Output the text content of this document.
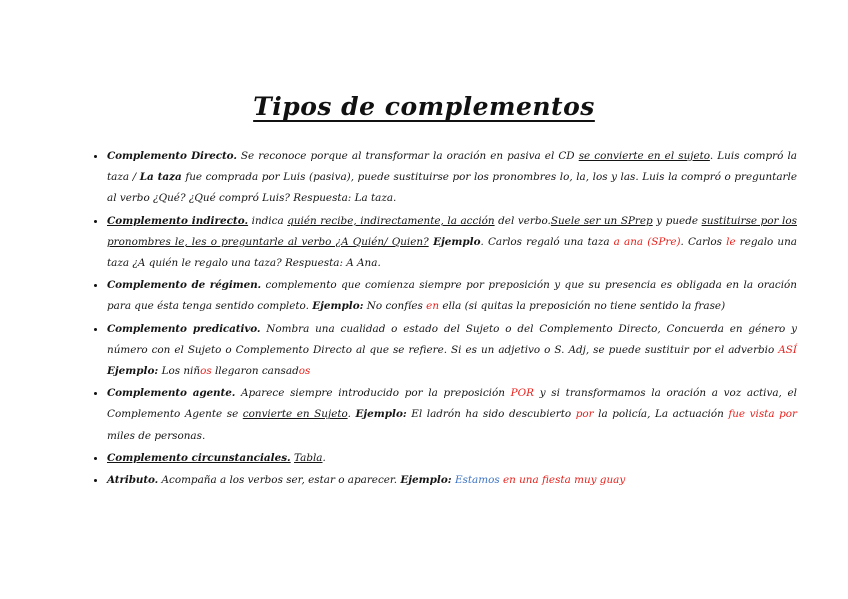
Tipos de complementos
• Complemento Directo. Se reconoce porque al transformar la oración en pasiva el CD se convierte en el sujeto. Luis compró la taza / La taza fue comprada por Luis (pasiva), puede sustituirse por los pronombres lo, la, los y las. Luis la compró o preguntarle al verbo ¿Qué? ¿Qué compró Luis? Respuesta: La taza.
• Complemento indirecto. indica quién recibe, indirectamente, la acción del verbo.Suele ser un SPrep y puede sustituirse por los pronombres le, les o preguntarle al verbo ¿A Quién/ Quien? Ejemplo. Carlos regaló una taza a ana (SPre). Carlos le regalo una taza ¿A quién le regalo una taza? Respuesta: A Ana.
• Complemento de régimen. complemento que comienza siempre por preposición y que su presencia es obligada en la oración para que ésta tenga sentido completo. Ejemplo: No confíes en ella (si quitas la preposición no tiene sentido la frase)
• Complemento predicativo. Nombra una cualidad o estado del Sujeto o del Complemento Directo, Concuerda en género y número con el Sujeto o Complemento Directo al que se refiere. Si es un adjetivo o S. Adj, se puede sustituir por el adverbio ASÍ Ejemplo: Los niños llegaron cansados
• Complemento agente. Aparece siempre introducido por la preposición POR y si transformamos la oración a voz activa, el Complemento Agente se convierte en Sujeto. Ejemplo: El ladrón ha sido descubierto por la policía, La actuación fue vista por miles de personas.
• Complemento circunstanciales. Tabla.
• Atributo. Acompaña a los verbos ser, estar o aparecer. Ejemplo: Estamos en una fiesta muy guay
